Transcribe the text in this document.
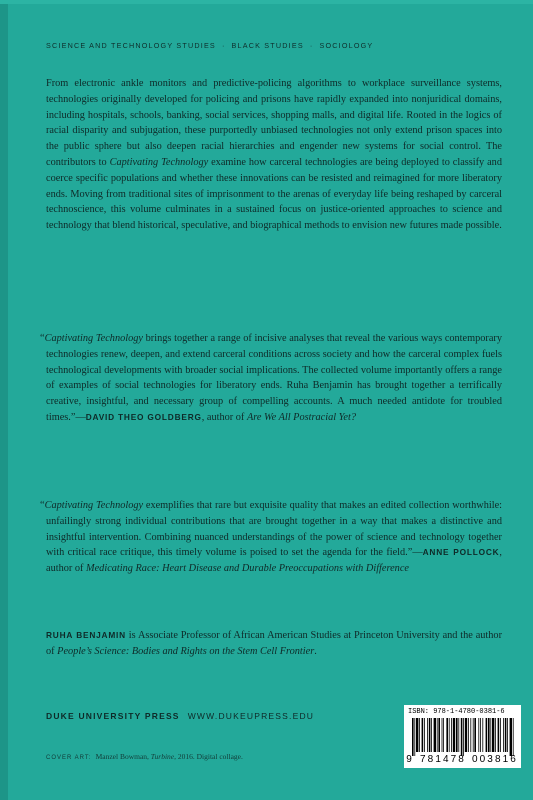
SCIENCE AND TECHNOLOGY STUDIES · BLACK STUDIES · SOCIOLOGY
From electronic ankle monitors and predictive-policing algorithms to workplace surveillance systems, technologies originally developed for policing and prisons have rapidly expanded into nonjuridical domains, including hospitals, schools, banking, social services, shopping malls, and digital life. Rooted in the logics of racial disparity and subjugation, these purportedly unbiased technologies not only extend prison spaces into the public sphere but also deepen racial hierarchies and engender new systems for social control. The contributors to Captivating Technology examine how carceral technologies are being deployed to classify and coerce specific populations and whether these innovations can be resisted and reimagined for more liberatory ends. Moving from traditional sites of imprisonment to the arenas of everyday life being reshaped by carceral technoscience, this volume culminates in a sustained focus on justice-oriented approaches to science and technology that blend historical, speculative, and biographical methods to envision new futures made possible.
“Captivating Technology brings together a range of incisive analyses that reveal the various ways contemporary technologies renew, deepen, and extend carceral conditions across society and how the carceral complex fuels technological developments with broader social implications. The collected volume importantly offers a range of examples of social technologies for liberatory ends. Ruha Benjamin has brought together a terrifically creative, insightful, and necessary group of compelling accounts. A much needed antidote for troubled times.”—DAVID THEO GOLDBERG, author of Are We All Postracial Yet?
“Captivating Technology exemplifies that rare but exquisite quality that makes an edited collection worthwhile: unfailingly strong individual contributions that are brought together in a way that makes a distinctive and insightful intervention. Combining nuanced understandings of the power of science and technology together with critical race critique, this timely volume is poised to set the agenda for the field.”—ANNE POLLOCK, author of Medicating Race: Heart Disease and Durable Preoccupations with Difference
RUHA BENJAMIN is Associate Professor of African American Studies at Princeton University and the author of People’s Science: Bodies and Rights on the Stem Cell Frontier.
DUKE UNIVERSITY PRESS WWW.DUKEUPRESS.EDU
COVER ART: Manzel Bowman, Turbine, 2016. Digital collage.
ISBN: 978-1-4780-0381-6
9 781478 003816
